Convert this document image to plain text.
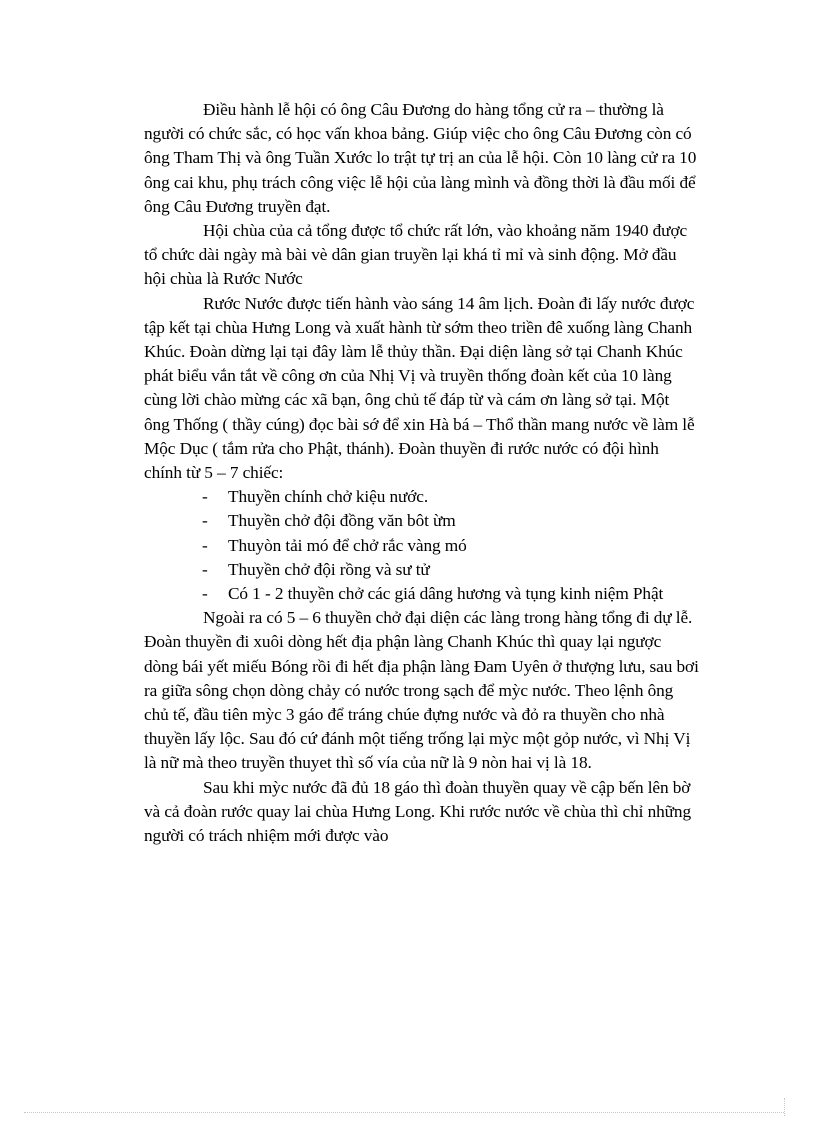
Điều hành lễ hội có ông Câu Đương do hàng tổng cử ra – thường là người có chức sắc, có học vấn khoa bảng. Giúp việc cho ông Câu Đương còn có ông Tham Thị và ông Tuần Xước lo trật tự trị an của lễ hội. Còn 10 làng cử ra 10 ông cai khu, phụ trách công việc lễ hội của làng mình và đồng thời là đầu mối để ông Câu Đương truyền đạt.

Hội chùa của cả tổng được tổ chức rất lớn, vào khoảng năm 1940 được tổ chức dài ngày mà bài vè dân gian truyền lại khá tỉ mỉ và sinh động. Mở đầu hội chùa là Rước Nước

Rước Nước được tiến hành vào sáng 14 âm lịch. Đoàn đi lấy nước được tập kết tại chùa Hưng Long và xuất hành từ sớm theo triền đê xuống làng Chanh Khúc. Đoàn dừng lại tại đây làm lễ thủy thần. Đại diện làng sở tại Chanh Khúc phát biểu vắn tắt về công ơn của Nhị Vị và truyền thống đoàn kết của 10 làng cùng lời chào mừng các xã bạn, ông chủ tế đáp từ và cám ơn làng sở tại. Một ông Thống ( thầy cúng) đọc bài sớ để xin Hà bá – Thổ thần mang nước về làm lễ Mộc Dục ( tắm rửa cho Phật, thánh). Đoàn thuyền đi rước nước có đội hình chính từ 5 – 7 chiếc:

- Thuyền chính chở kiệu nước.
- Thuyền chở đội đồng văn bôt ừm
- Thuyòn tải mó để chở rắc vàng mó
- Thuyền chở đội rồng và sư tử
- Có 1 - 2 thuyền chở các giá dâng hương và tụng kinh niệm Phật

Ngoài ra có 5 – 6 thuyền chở đại diện các làng trong hàng tổng đi dự lễ. Đoàn thuyền đi xuôi dòng hết địa phận làng Chanh Khúc thì quay lại ngược dòng bái yết miếu Bóng rồi đi hết địa phận làng Đam Uyên ở thượng lưu, sau bơi ra giữa sông chọn dòng chảy có nước trong sạch để mỳc nước. Theo lệnh ông chủ tế, đầu tiên mỳc 3 gáo để tráng chúe đựng nước và đỏ ra thuyền cho nhà thuyền lấy lộc. Sau đó cứ đánh một tiếng trống lại mỳc một gỏp nước, vì Nhị Vị là nữ mà theo truyền thuyet thì số vía của nữ là 9 nòn hai vị là 18.

Sau khi mỳc nước đã đủ 18 gáo thì đoàn thuyền quay về cập bến lên bờ và cả đoàn rước quay lai chùa Hưng Long. Khi rước nước về chùa thì chỉ những người có trách nhiệm mới được vào
